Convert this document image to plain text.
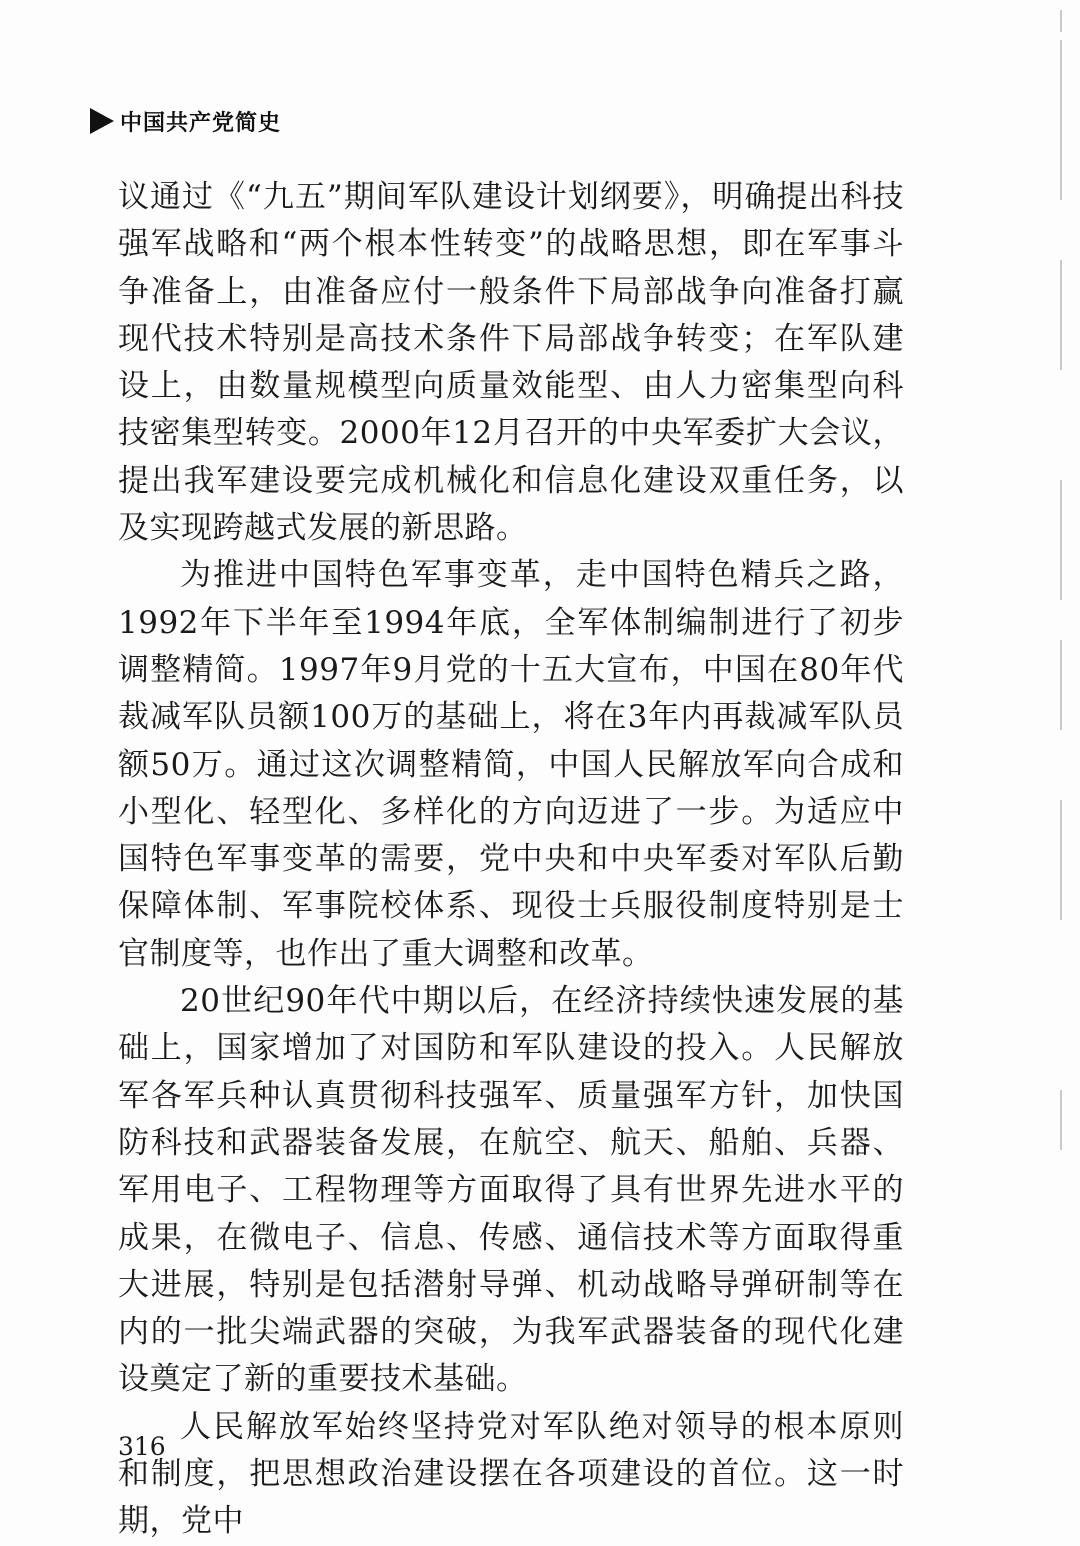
中国共产党简史

议通过《“九五”期间军队建设计划纲要》，明确提出科技强军战略和“两个根本性转变”的战略思想，即在军事斗争准备上，由准备应付一般条件下局部战争向准备打赢现代技术特别是高技术条件下局部战争转变；在军队建设上，由数量规模型向质量效能型、由人力密集型向科技密集型转变。2000年12月召开的中央军委扩大会议，提出我军建设要完成机械化和信息化建设双重任务，以及实现跨越式发展的新思路。

为推进中国特色军事变革，走中国特色精兵之路，1992年下半年至1994年底，全军体制编制进行了初步调整精简。1997年9月党的十五大宣布，中国在80年代裁减军队员额100万的基础上，将在3年内再裁减军队员额50万。通过这次调整精简，中国人民解放军向合成和小型化、轻型化、多样化的方向迈进了一步。为适应中国特色军事变革的需要，党中央和中央军委对军队后勤保障体制、军事院校体系、现役士兵服役制度特别是士官制度等，也作出了重大调整和改革。

20世纪90年代中期以后，在经济持续快速发展的基础上，国家增加了对国防和军队建设的投入。人民解放军各军兵种认真贯彻科技强军、质量强军方针，加快国防科技和武器装备发展，在航空、航天、船舶、兵器、军用电子、工程物理等方面取得了具有世界先进水平的成果，在微电子、信息、传感、通信技术等方面取得重大进展，特别是包括潜射导弹、机动战略导弹研制等在内的一批尖端武器的突破，为我军武器装备的现代化建设奠定了新的重要技术基础。

人民解放军始终坚持党对军队绝对领导的根本原则和制度，把思想政治建设摆在各项建设的首位。这一时期，党中

316
